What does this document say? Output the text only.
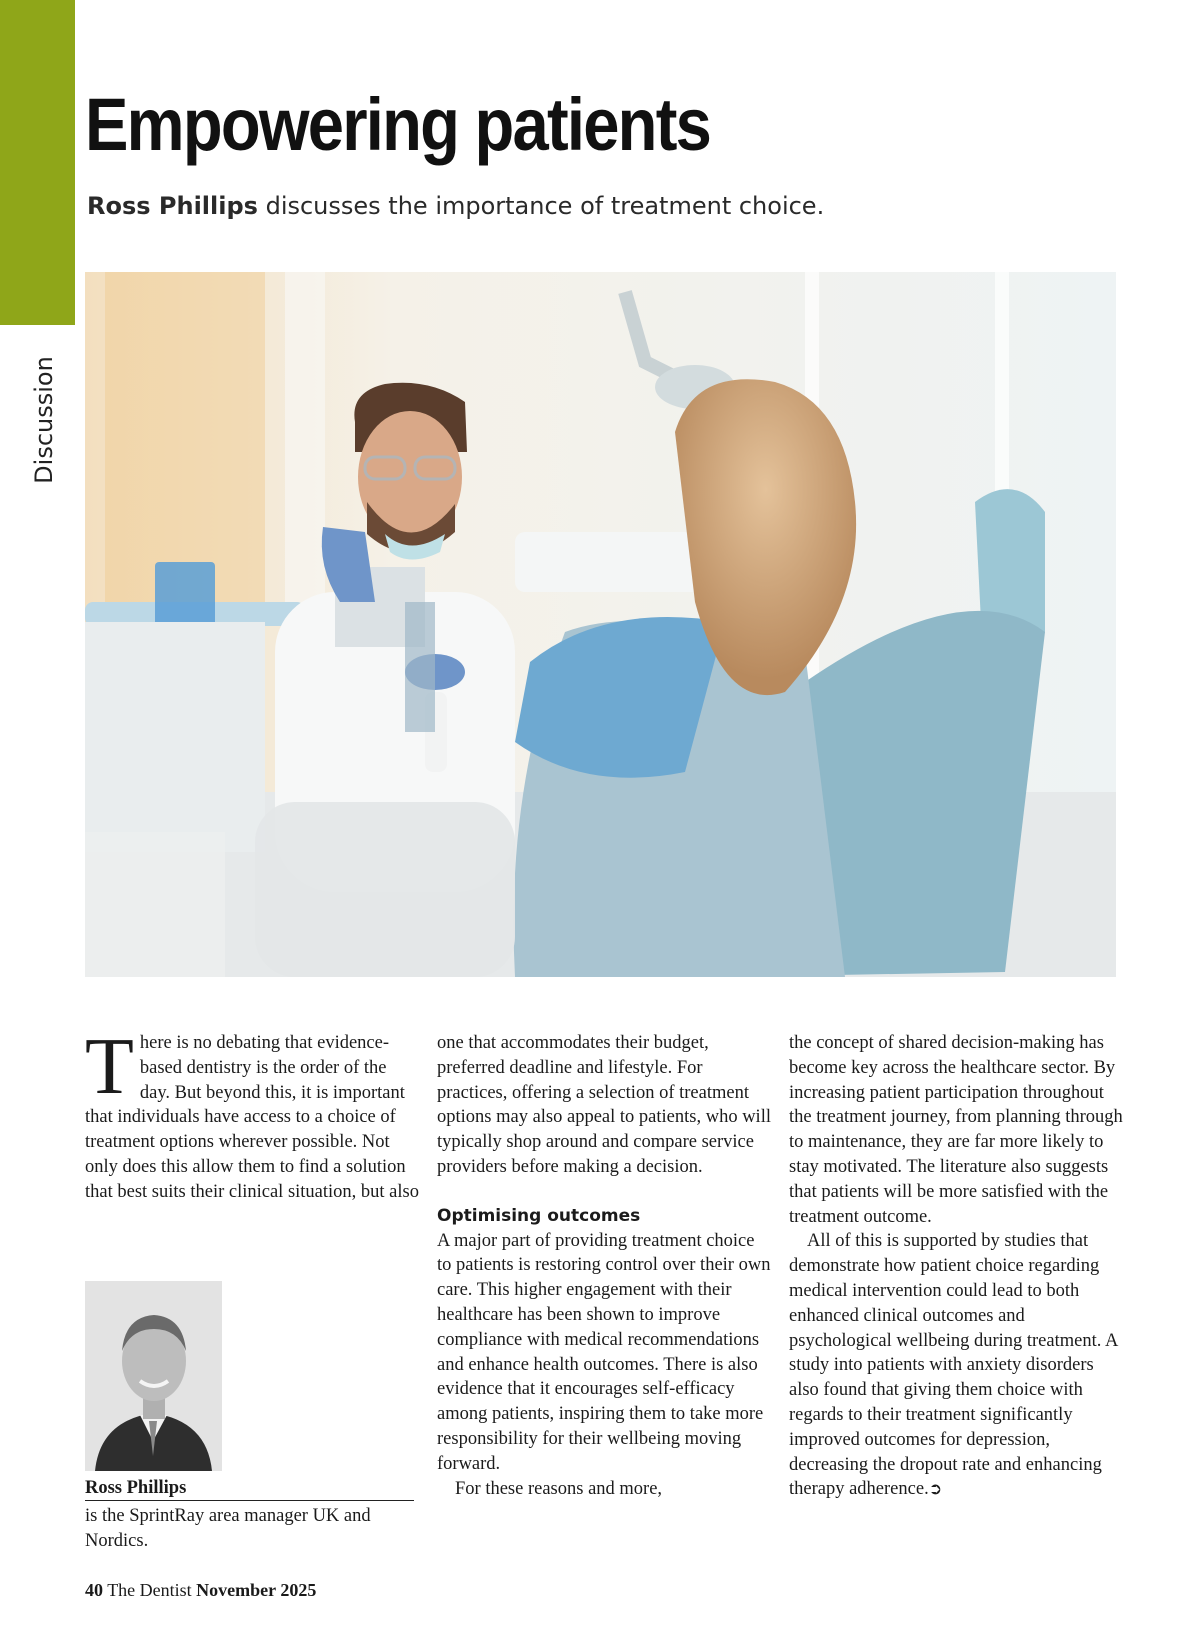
Discussion
Empowering patients
Ross Phillips discusses the importance of treatment choice.

There is no debating that evidence-based dentistry is the order of the day. But beyond this, it is important that individuals have access to a choice of treatment options wherever possible. Not only does this allow them to find a solution that best suits their clinical situation, but also

Ross Phillips
is the SprintRay area manager UK and Nordics.

one that accommodates their budget, preferred deadline and lifestyle. For practices, offering a selection of treatment options may also appeal to patients, who will typically shop around and compare service providers before making a decision.

Optimising outcomes

A major part of providing treatment choice to patients is restoring control over their own care. This higher engagement with their healthcare has been shown to improve compliance with medical recommendations and enhance health outcomes. There is also evidence that it encourages self-efficacy among patients, inspiring them to take more responsibility for their wellbeing moving forward.

For these reasons and more,

the concept of shared decision-making has become key across the healthcare sector. By increasing patient participation throughout the treatment journey, from planning through to maintenance, they are far more likely to stay motivated. The literature also suggests that patients will be more satisfied with the treatment outcome.

All of this is supported by studies that demonstrate how patient choice regarding medical intervention could lead to both enhanced clinical outcomes and psychological wellbeing during treatment. A study into patients with anxiety disorders also found that giving them choice with regards to their treatment significantly improved outcomes for depression, decreasing the dropout rate and enhancing therapy adherence.➲

40 The Dentist November 2025
